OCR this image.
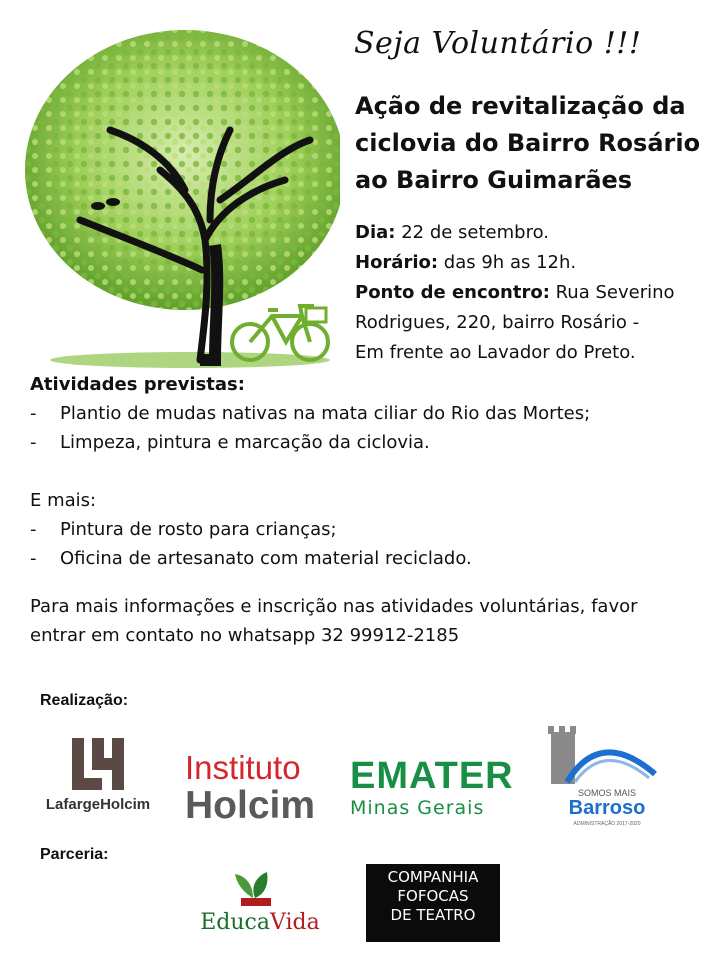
Seja Voluntário !!!
Ação de revitalização da
ciclovia do Bairro Rosário
ao Bairro Guimarães
Dia: 22 de setembro.
Horário: das 9h as 12h.
Ponto de encontro: Rua Severino
Rodrigues, 220, bairro Rosário -
Em frente ao Lavador do Preto.
Atividades previstas:
-	Plantio de mudas nativas na mata ciliar do Rio das Mortes;
-	Limpeza, pintura e marcação da ciclovia.
E mais:
-	Pintura de rosto para crianças;
-	Oficina de artesanato com material reciclado.
Para mais informações e inscrição nas atividades voluntárias, favor
entrar em contato no whatsapp 32 99912-2185
Realização:
LafargeHolcim
Instituto
Holcim
EMATER
Minas Gerais
SOMOS MAIS
Barroso
ADMINISTRAÇÃO 2017-2020
Parceria:
EducaVida
COMPANHIA
FOFOCAS
DE TEATRO
